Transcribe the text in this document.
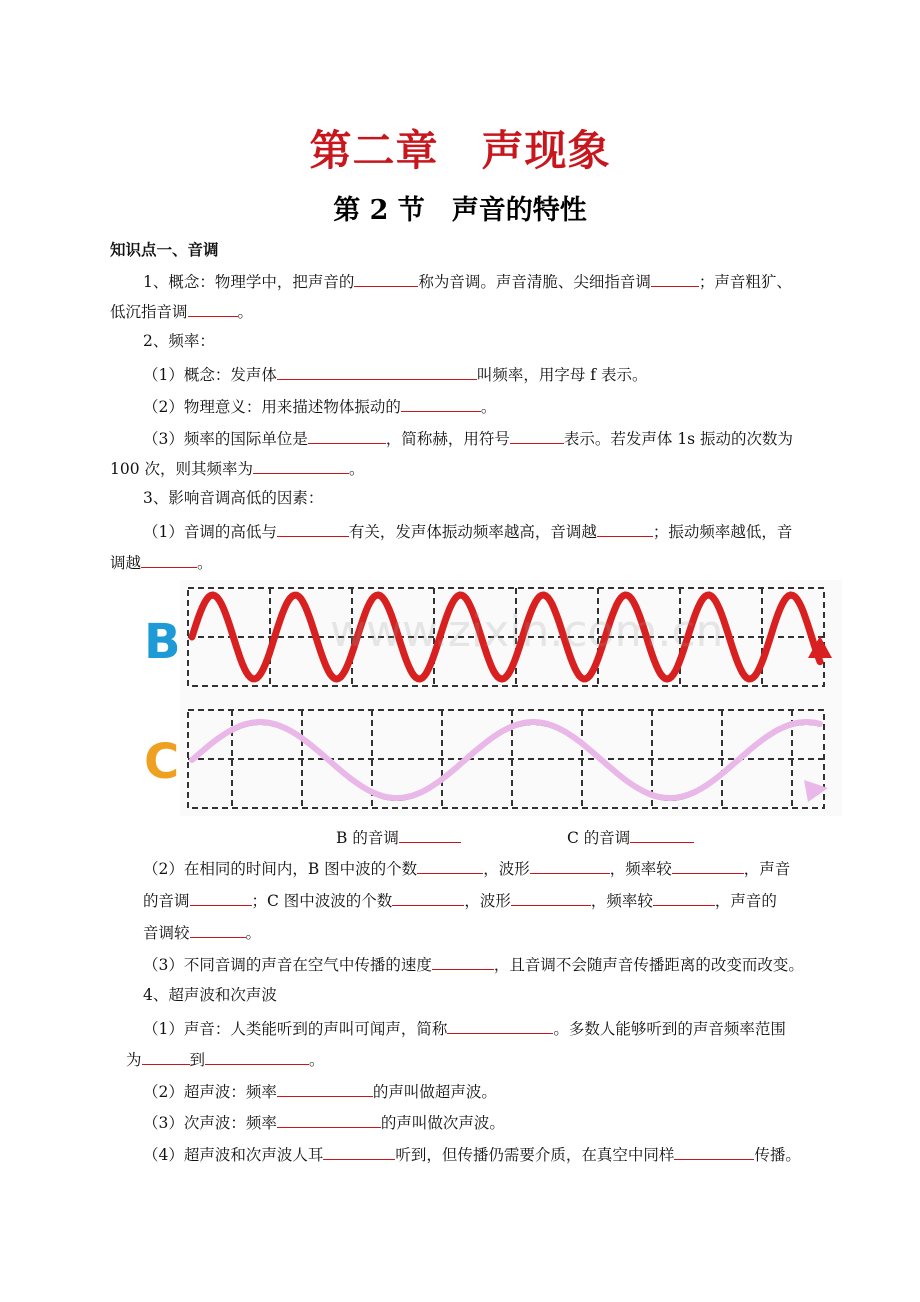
第二章　声现象
第 2 节　声音的特性
知识点一、音调
1、概念：物理学中，把声音的	称为音调。声音清脆、尖细指音调	；声音粗犷、
低沉指音调	。
2、频率：
（1）概念：发声体	叫频率，用字母 f 表示。
（2）物理意义：用来描述物体振动的	。
（3）频率的国际单位是	，简称赫，用符号	表示。若发声体 1s 振动的次数为
100 次，则其频率为	。
3、影响音调高低的因素：
（1）音调的高低与	有关，发声体振动频率越高，音调越	；振动频率越低，音
调越	。
www.zixin.com.cn
B
C
B 的音调	C 的音调
（2）在相同的时间内，B 图中波的个数	，波形	，频率较	，声音
的音调	；C 图中波波的个数	，波形	，频率较	，声音的
音调较	。
（3）不同音调的声音在空气中传播的速度	，且音调不会随声音传播距离的改变而改变。
4、超声波和次声波
（1）声音：人类能听到的声叫可闻声，简称	。多数人能够听到的声音频率范围
为	到	。
（2）超声波：频率	的声叫做超声波。
（3）次声波：频率	的声叫做次声波。
（4）超声波和次声波人耳	听到，但传播仍需要介质，在真空中同样	传播。
